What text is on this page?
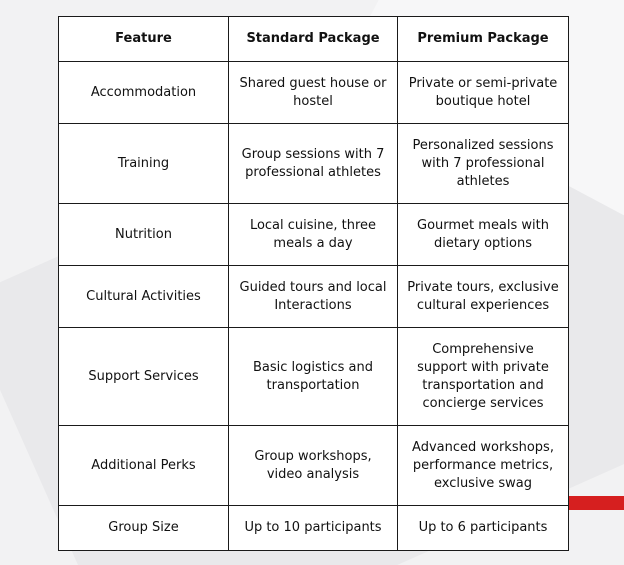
Feature	Standard Package	Premium Package
Accommodation	Shared guest house or hostel	Private or semi-private boutique hotel
Training	Group sessions with 7 professional athletes	Personalized sessions with 7 professional athletes
Nutrition	Local cuisine, three meals a day	Gourmet meals with dietary options
Cultural Activities	Guided tours and local Interactions	Private tours, exclusive cultural experiences
Support Services	Basic logistics and transportation	Comprehensive support with private transportation and concierge services
Additional Perks	Group workshops, video analysis	Advanced workshops, performance metrics, exclusive swag
Group Size	Up to 10 participants	Up to 6 participants
